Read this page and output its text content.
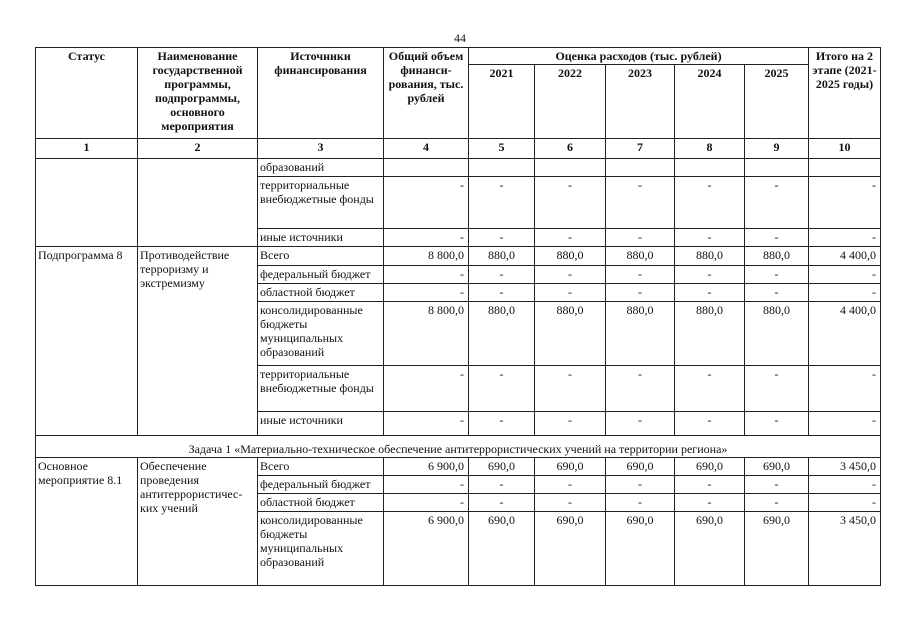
44
Статус	Наименование государственной программы, подпрограммы, основного мероприятия	Источники финансирования	Общий объем финанси-рования, тыс. рублей	Оценка расходов (тыс. рублей)					Итого на 2 этапе (2021-2025 годы)
				2021	2022	2023	2024	2025	
1	2	3	4	5	6	7	8	9	10
		образований							
		территориальные внебюджетные фонды	-	-	-	-	-	-	-
		иные источники	-	-	-	-	-	-	-
Подпрограмма 8	Противодействие терроризму и экстремизму	Всего	8 800,0	880,0	880,0	880,0	880,0	880,0	4 400,0
		федеральный бюджет	-	-	-	-	-	-	-
		областной бюджет	-	-	-	-	-	-	-
		консолидированные бюджеты муниципальных образований	8 800,0	880,0	880,0	880,0	880,0	880,0	4 400,0
		территориальные внебюджетные фонды	-	-	-	-	-	-	-
		иные источники	-	-	-	-	-	-	-
Задача 1 «Материально-техническое обеспечение антитеррористических учений на территории региона»									
Основное мероприятие 8.1	Обеспечение проведения антитеррористичес-ких учений	Всего	6 900,0	690,0	690,0	690,0	690,0	690,0	3 450,0
		федеральный бюджет	-	-	-	-	-	-	-
		областной бюджет	-	-	-	-	-	-	-
		консолидированные бюджеты муниципальных образований	6 900,0	690,0	690,0	690,0	690,0	690,0	3 450,0
